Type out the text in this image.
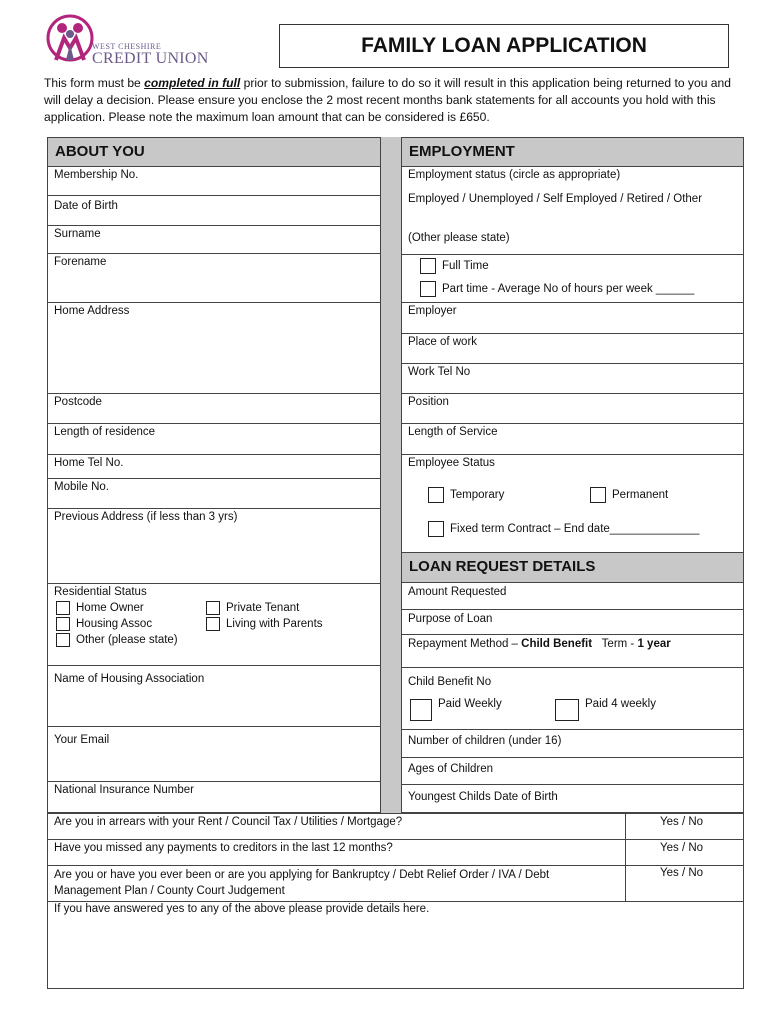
WEST CHESHIRE
CREDIT UNION
FAMILY LOAN APPLICATION
This form must be completed in full prior to submission, failure to do so it will result in this application being returned to you and will delay a decision. Please ensure you enclose the 2 most recent months bank statements for all accounts you hold with this application. Please note the maximum loan amount that can be considered is £650.
ABOUT YOU
Membership No.
Date of Birth
Surname
Forename
Home Address
Postcode
Length of residence
Home Tel No.
Mobile No.
Previous Address (if less than 3 yrs)
Residential Status
Home Owner
Housing Assoc
Other (please state)
Private Tenant
Living with Parents
Name of Housing Association
Your Email
National Insurance Number
EMPLOYMENT
Employment status (circle as appropriate)
Employed / Unemployed / Self Employed / Retired / Other
(Other please state)
Full Time
Part time - Average No of hours per week ______
Employer
Place of work
Work Tel No
Position
Length of Service
Employee Status
Temporary	Permanent
Fixed term Contract – End date______________
LOAN REQUEST DETAILS
Amount Requested
Purpose of Loan
Repayment Method – Child Benefit Term - 1 year
Child Benefit No
Paid Weekly	Paid 4 weekly
Number of children (under 16)
Ages of Children
Youngest Childs Date of Birth
Are you in arrears with your Rent / Council Tax / Utilities / Mortgage?	Yes / No
Have you missed any payments to creditors in the last 12 months?	Yes / No
Are you or have you ever been or are you applying for Bankruptcy / Debt Relief Order / IVA / Debt Management Plan / County Court Judgement
Yes / No
If you have answered yes to any of the above please provide details here.
